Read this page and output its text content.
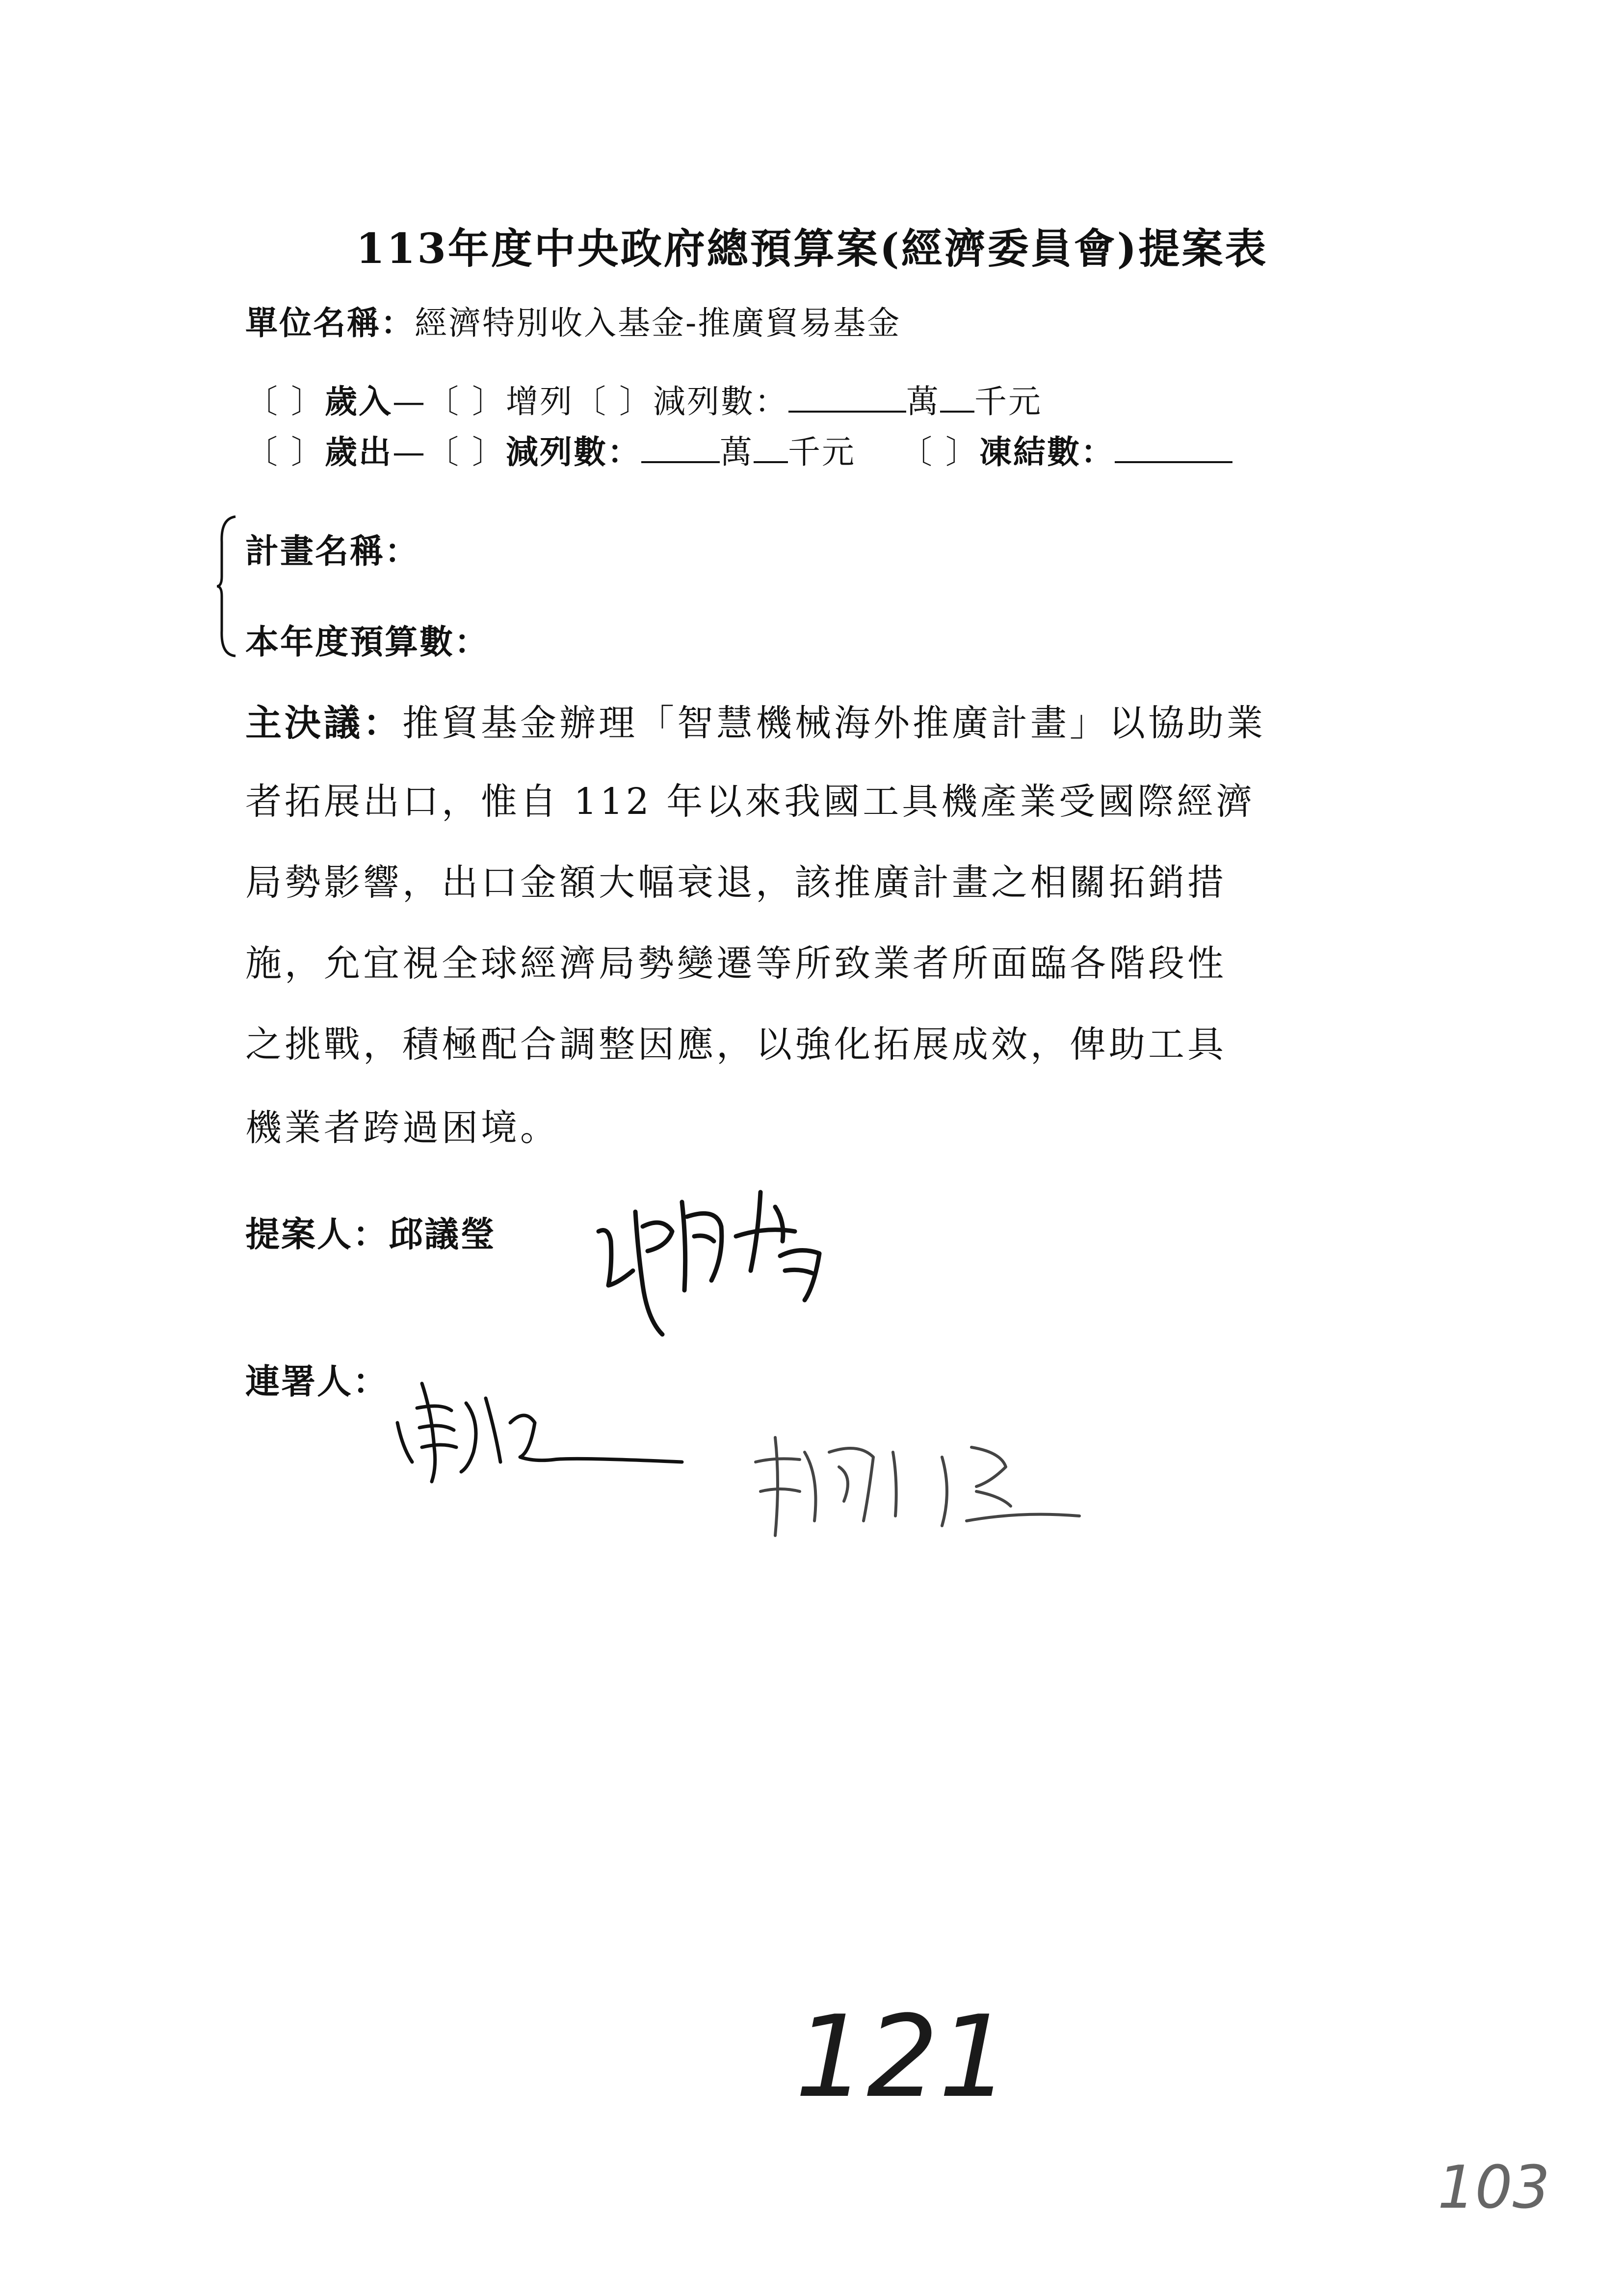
113年度中央政府總預算案(經濟委員會)提案表
單位名稱：經濟特別收入基金-推廣貿易基金
〔 〕歲入—〔 〕增列〔 〕減列數：	萬 千元
〔 〕歲出—〔 〕減列數： 萬 千元 〔 〕凍結數：
計畫名稱：
本年度預算數：
主決議：推貿基金辦理「智慧機械海外推廣計畫」以協助業
者拓展出口，惟自 112 年以來我國工具機產業受國際經濟
局勢影響，出口金額大幅衰退，該推廣計畫之相關拓銷措
施，允宜視全球經濟局勢變遷等所致業者所面臨各階段性
之挑戰，積極配合調整因應，以強化拓展成效，俾助工具
機業者跨過困境。
提案人：邱議瑩
連署人：
121
103
